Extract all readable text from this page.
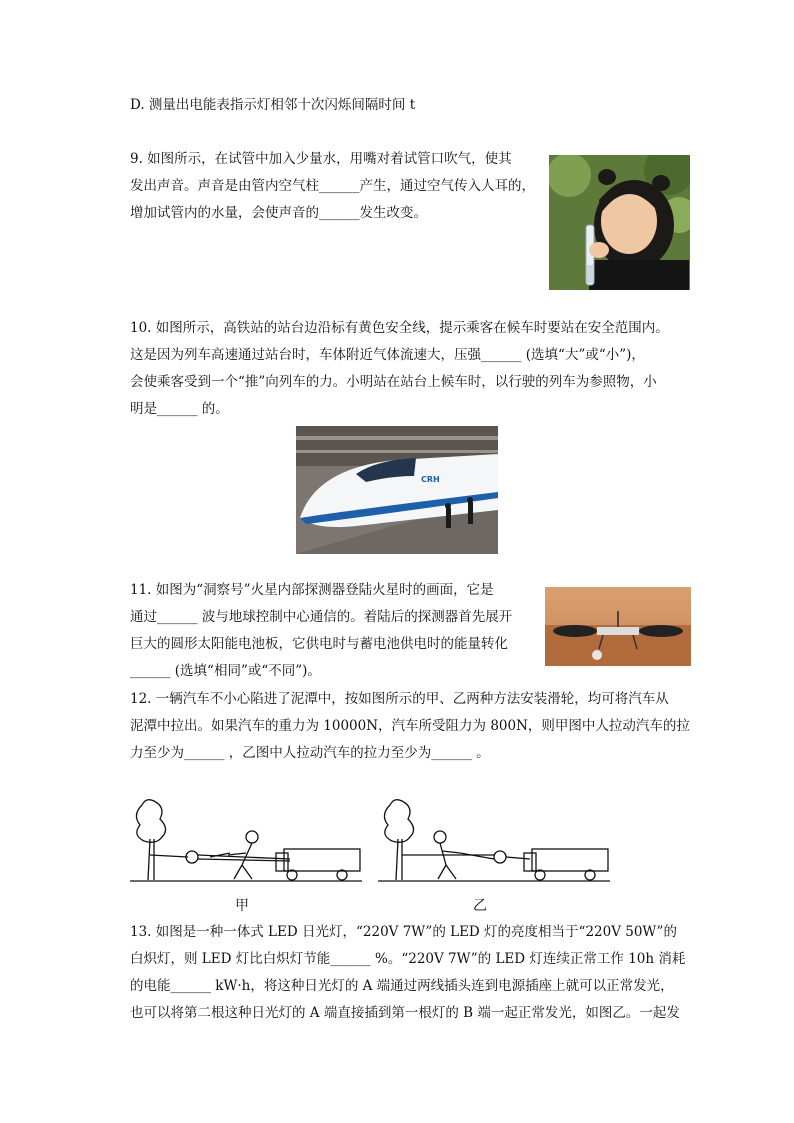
D. 测量出电能表指示灯相邻十次闪烁间隔时间 t
9. 如图所示，在试管中加入少量水，用嘴对着试管口吹气，使其
发出声音。声音是由管内空气柱______产生，通过空气传入人耳的，
增加试管内的水量，会使声音的______发生改变。
10. 如图所示，高铁站的站台边沿标有黄色安全线，提示乘客在候车时要站在安全范围内。
这是因为列车高速通过站台时，车体附近气体流速大，压强______ (选填“大”或“小”)，
会使乘客受到一个“推”向列车的力。小明站在站台上候车时，以行驶的列车为参照物，小
明是______ 的。
CRH
11. 如图为“洞察号”火星内部探测器登陆火星时的画面，它是
通过______ 波与地球控制中心通信的。着陆后的探测器首先展开
巨大的圆形太阳能电池板，它供电时与蓄电池供电时的能量转化
______ (选填“相同”或“不同”)。
12. 一辆汽车不小心陷进了泥潭中，按如图所示的甲、乙两种方法安装滑轮，均可将汽车从
泥潭中拉出。如果汽车的重力为 10000N，汽车所受阻力为 800N，则甲图中人拉动汽车的拉
力至少为______ ，乙图中人拉动汽车的拉力至少为______ 。
甲	乙
13. 如图是一种一体式 LED 日光灯，“220V 7W”的 LED 灯的亮度相当于“220V 50W”的
白炽灯，则 LED 灯比白炽灯节能______ %。“220V 7W”的 LED 灯连续正常工作 10h 消耗
的电能______ kW·h，将这种日光灯的 A 端通过两线插头连到电源插座上就可以正常发光，
也可以将第二根这种日光灯的 A 端直接插到第一根灯的 B 端一起正常发光，如图乙。一起发
